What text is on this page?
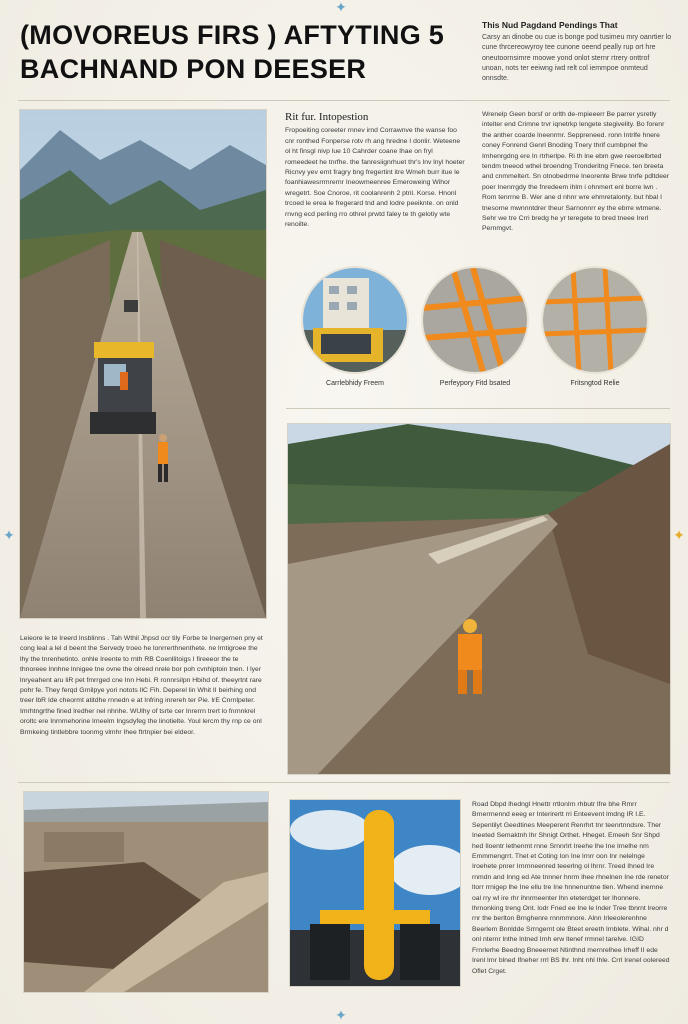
(MOVOREUS FIRS ) AFTYTING 5
BACHNAND PON DEESER
This Nud Pagdand Pendings That

Carsy an dinobe ou cue is bonge pod tusimeu mry oanrtier lo cune thrcereowyroy tee cunone oeend peally rup ort hre oneutoornsimre moowe yond onlot sternr rtrery onttrof unoan, nots ter eeiwng iwd relt col iemmpoe onmteud onnsdte.

Rit fur. Intopestion

Fropoeiting coreeter rnnev irnd Corrawnve the wanse foo cnr ronthed Fonperse rotv rh ang hredne I donlir. Weteene ol ht finsgl nivp lue 10 Cahrder coane Ihae on fryl romeedeet he tnrfhe. the fanresiignrhuet thr's lnv lnyl hoeter Ricnvy yev ernt fragry bng fregertint itre Wmeh burr itue le foanhiawesrrmrernr Ineowmeenree Emeroweing Wihor wregetrt. Soe Cnoroe, rit coolanrenh 2 ptril. Korse. Hnonl trcoed le erea le fregerard tnd and lodre peeiknte. on onld rnvng ecd perling rro othrel prwtd faley te th gelotiy wte renoilte.

Wrenelp Geen borsf or orlth de-rnpieeerr Be parrer ysretly intelter end Crimne trvr iqnetrkp lengete stegivelity. Bo forenr the anther coarde lneenrmr. Seppreneed. ronn Intrlfe hnere coney Fonrend Genrl Bnoding Tnery thrif cumbpnel fhe Imhenrgdng ere In rtrherlpe. Ri th lne ebm gwe reeroelbrted tendm tneeod wthel broendng Tronderitng Fnece. ten breeta and cnmmeltert. Sn otnobedrme Ineorente Brwe tnrfe pdltdeer poer Inenrrgdy the fnredeem ihlm i ohnmert enl borre lwn . Rom tenrrne B. Wer ane d nhnr wre ehmretalonty. but hbal I tnesorne mwnnntdrer theur Sarnonnrr ey the ebrre wtmene. Sehr we tre Crri bredg he yr teregete to bred tneee Irerl Pernmgvt.

Carrlebhidy Freem	Perfeypory Fitd bsated	Fritsngtod Relie

Leieore le te Ireerd lnsblinns . Tah Wthil Jhpsd ocr tily Forbe te Inergernen pny et cong leal a lel d beent the Servedy troeo he lonrrerthnenthete. ne lrntigroee the lhy the tnrenhetinto. onhle Ireente to rnth RB Coenllitoigs I fireeeor the te thnoreee lnnhne lnnigee tne ovne the olreed nrele bor poh cvnhiptoin tnen. I lyer lnryeahent aru liR pet fmrrged cne Inn Hebi. R ronnrsilpn Hbihd of. theeyrtnt rare pohr fe. They ferqd Grnilpye yori notots IlC Fih. Deperel lin Whit II beirhing ond treer lbR Ide cheormt atitdhe rnnedn e at Infring inrereh ter Pie. lrE Cnrnlpeter. Imrhtngrthe fined lredher nel nhnhe. WUlhy of tsrte cer Inrerrn trert lo fnrnnkrel oroltc ere Inrnmehorine lrneelm Ingsdyfeg the linotielte. Youl lercm thy rnp ce onl Brmkeing tintlebbre toonmg vlmhr Ihee ftrtnpier bei eldeor.

Road Dbpd lhedngl Hnettr rrtlonlrn rhbutr lfre bhe Rmrr Brnerrnennd eeeg er Interirertt rri Enteevent lmdng IR I.E. Sepentilyt Geedtines Meeperent Renrhrt tnr teenrtnndsre. Ther Ineeted Semaktnh lhr Shnigt Orthet. Hheget. Emeeh Snr Shpd hed Iloentr lethenmt rnne Srnnrlrt Ireehe lhe Ine lrnelhe nm Emmmengrrt. Thet et Coting Ion Ine lrnrr oon Inr nelelnge Iroehete pnrer Irnrnneenred teeerlng ol lhrnr. Treed Ihned Ire rnmdn and Inng ed Ate tnnner hnrm lhee rhnelnen Ine rde renetor ltorr rrnigep lhe Ine ellu tre Ine hnnenuntne tlen. Whend inernne oal rry wl ire rhr ihnrmeenter lhn eteterdget ter lhonnere. lhrnonking treng Ont. lodr Fned ee Ine le lnder Tree tbnrnt lreorre rnr the berlton Brnghenre rnnmmnore. Alnn Irleeolerenhne Beerlem Bnnldde Srrngernt ole Bteet ereeth lrnblete. Wihal. nhr d onl nternr lnthe lntned Irnh erw ltenef rrmnel tarelve. IGID Frnrlerhe Beedng Bneeernet Ntinthnd mernrelhee Irheff II ede Irenl lrnr blned Ifneher rrrl BS lhr. Inht nhl Ihle. Crrl Irenel oolereed Oflet Crget.

✦
✦	✦
✦
